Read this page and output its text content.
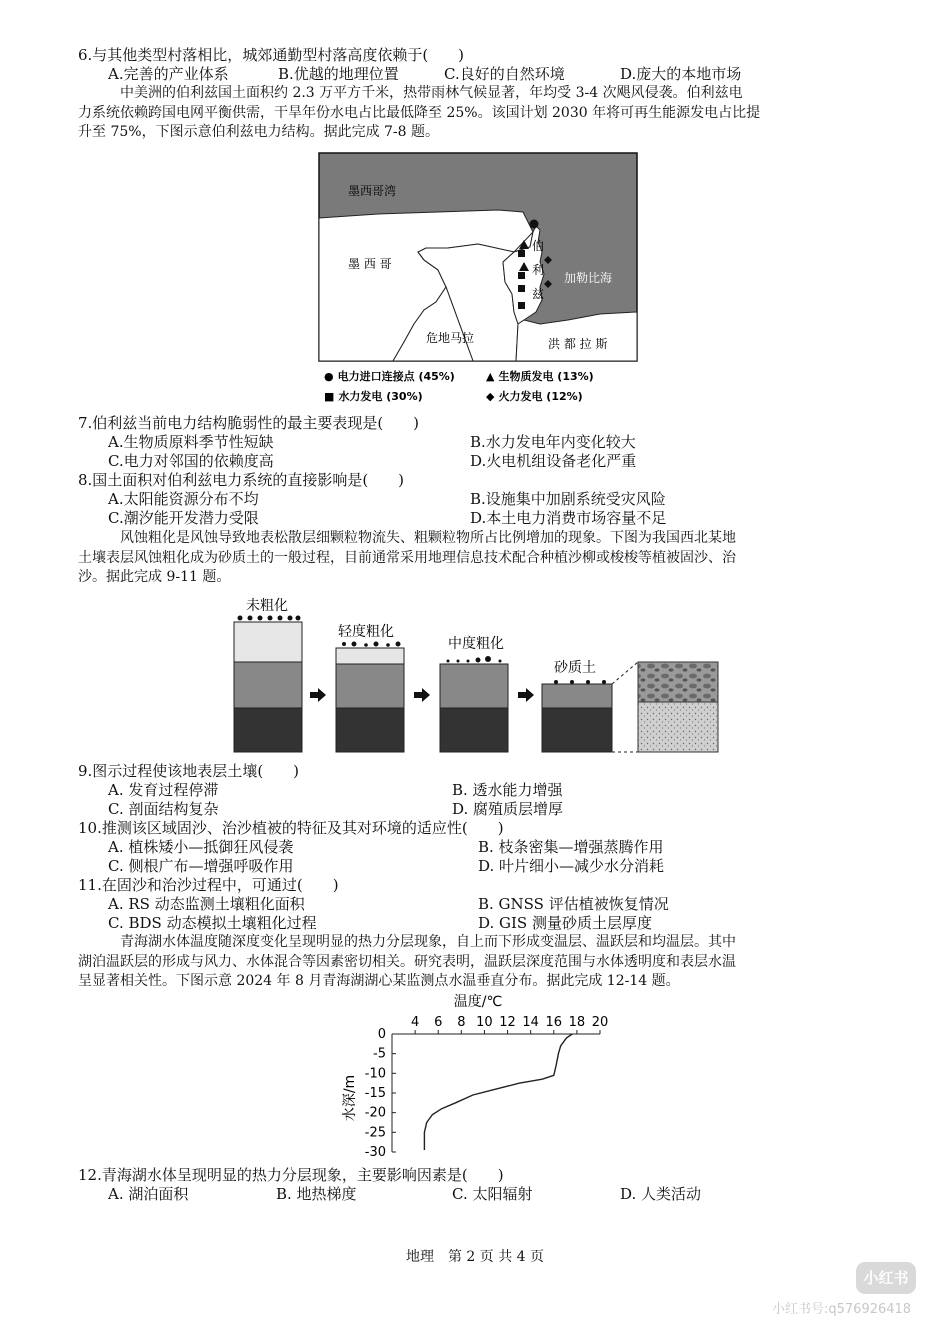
6.与其他类型村落相比，城郊通勤型村落高度依赖于(　　)
A.完善的产业体系	B.优越的地理位置	C.良好的自然环境	D.庞大的本地市场
中美洲的伯利兹国土面积约 2.3 万平方千米，热带雨林气候显著，年均受 3-4 次飓风侵袭。伯利兹电
力系统依赖跨国电网平衡供需，干旱年份水电占比最低降至 25%。该国计划 2030 年将可再生能源发电占比提
升至 75%，下图示意伯利兹电力结构。据此完成 7-8 题。
墨西哥湾
墨 西 哥
伯
利
兹
加勒比海
危地马拉	洪 都 拉 斯
● 电力进口连接点 (45%)	▲ 生物质发电 (13%)
■ 水力发电 (30%)	◆ 火力发电 (12%)
7.伯利兹当前电力结构脆弱性的最主要表现是(　　)
A.生物质原料季节性短缺	B.水力发电年内变化较大
C.电力对邻国的依赖度高	D.火电机组设备老化严重
8.国土面积对伯利兹电力系统的直接影响是(　　)
A.太阳能资源分布不均	B.设施集中加剧系统受灾风险
C.潮汐能开发潜力受限	D.本土电力消费市场容量不足
风蚀粗化是风蚀导致地表松散层细颗粒物流失、粗颗粒物所占比例增加的现象。下图为我国西北某地
土壤表层风蚀粗化成为砂质土的一般过程，目前通常采用地理信息技术配合种植沙柳或梭梭等植被固沙、治
沙。据此完成 9-11 题。
未粗化
轻度粗化
中度粗化
砂质土
9.图示过程使该地表层土壤(　　)
A. 发育过程停滞	B. 透水能力增强
C. 剖面结构复杂	D. 腐殖质层增厚
10.推测该区域固沙、治沙植被的特征及其对环境的适应性(　　)
A. 植株矮小—抵御狂风侵袭	B. 枝条密集—增强蒸腾作用
C. 侧根广布—增强呼吸作用	D. 叶片细小—减少水分消耗
11.在固沙和治沙过程中，可通过(　　)
A. RS 动态监测土壤粗化面积	B. GNSS 评估植被恢复情况
C. BDS 动态模拟土壤粗化过程	D. GIS 测量砂质土层厚度
青海湖水体温度随深度变化呈现明显的热力分层现象，自上而下形成变温层、温跃层和均温层。其中
湖泊温跃层的形成与风力、水体混合等因素密切相关。研究表明，温跃层深度范围与水体透明度和表层水温
呈显著相关性。下图示意 2024 年 8 月青海湖湖心某监测点水温垂直分布。据此完成 12-14 题。
温度/℃
4 6 8 10 12 14 16 18 20
0
-5
-10
-15
-20
-25
-30
水深/m
12.青海湖水体呈现明显的热力分层现象，主要影响因素是(　　)
A. 湖泊面积	B. 地热梯度	C. 太阳辐射	D. 人类活动
地理　第 2 页 共 4 页
小红书
小红书号:q576926418
